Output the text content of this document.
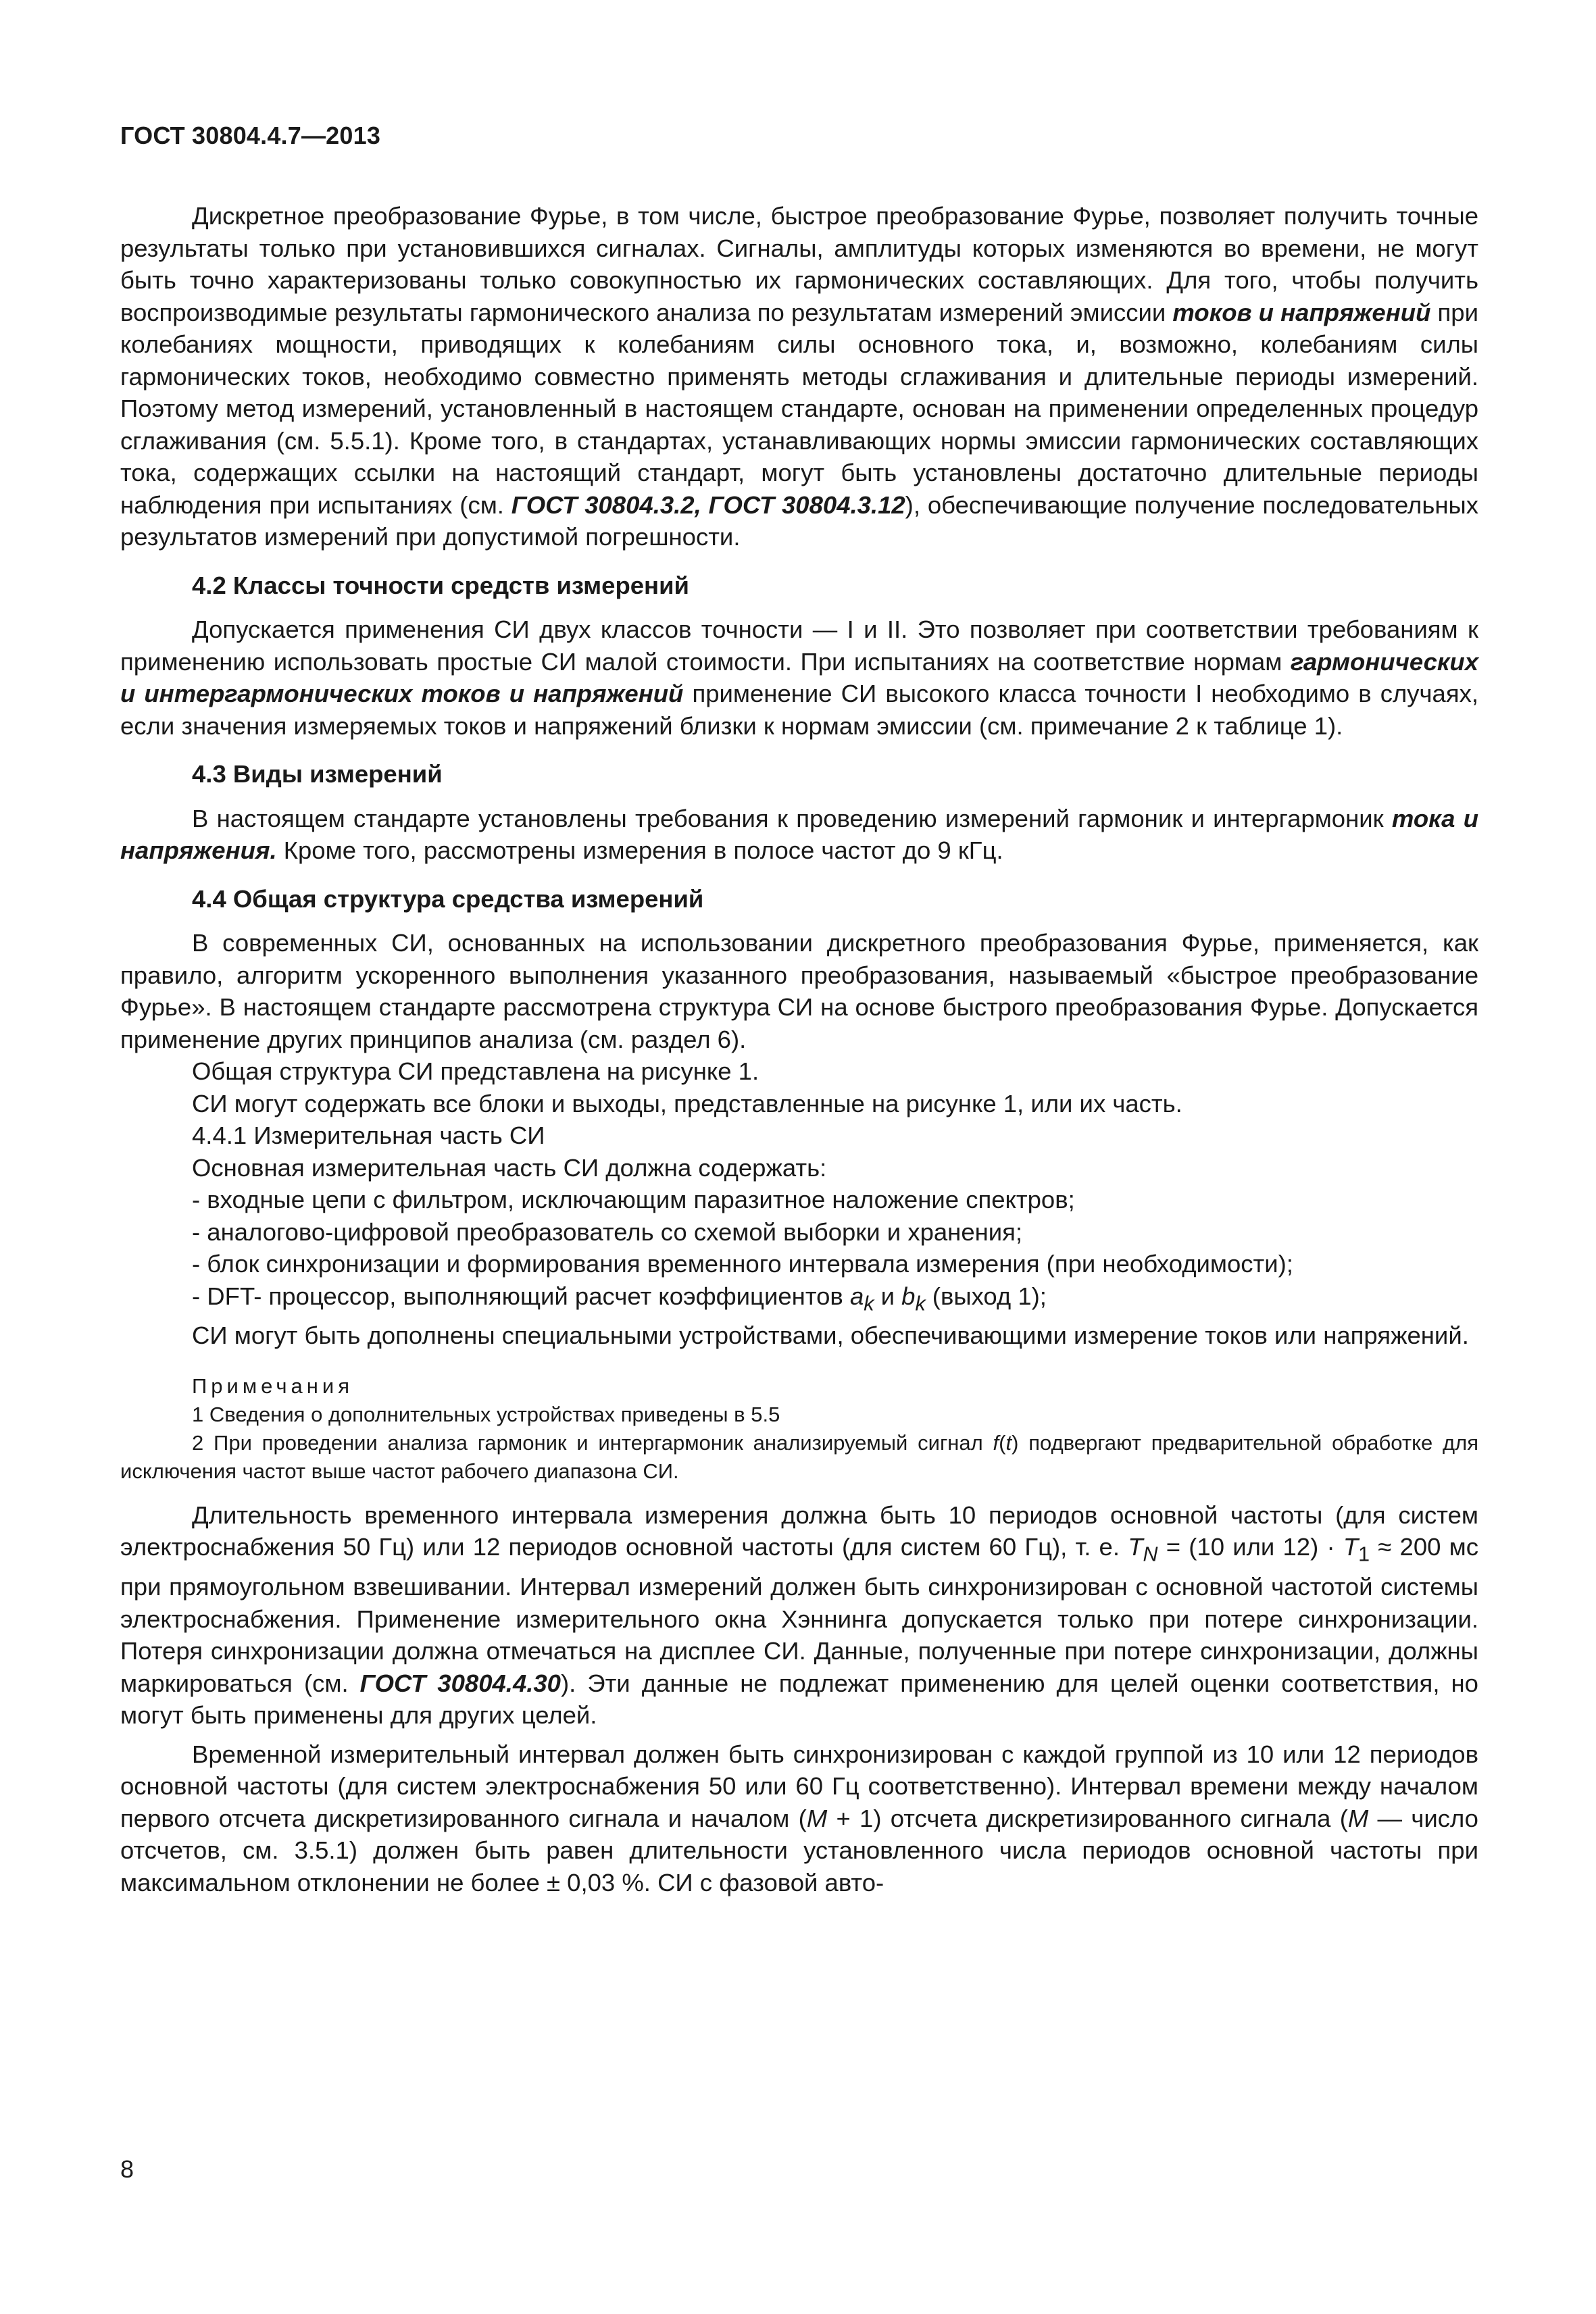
ГОСТ 30804.4.7—2013

Дискретное преобразование Фурье, в том числе, быстрое преобразование Фурье, позволяет получить точные результаты только при установившихся сигналах. Сигналы, амплитуды которых изменяются во времени, не могут быть точно характеризованы только совокупностью их гармонических составляющих. Для того, чтобы получить воспроизводимые результаты гармонического анализа по результатам измерений эмиссии токов и напряжений при колебаниях мощности, приводящих к колебаниям силы основного тока, и, возможно, колебаниям силы гармонических токов, необходимо совместно применять методы сглаживания и длительные периоды измерений. Поэтому метод измерений, установленный в настоящем стандарте, основан на применении определенных процедур сглаживания (см. 5.5.1). Кроме того, в стандартах, устанавливающих нормы эмиссии гармонических составляющих тока, содержащих ссылки на настоящий стандарт, могут быть установлены достаточно длительные периоды наблюдения при испытаниях (см. ГОСТ 30804.3.2, ГОСТ 30804.3.12), обеспечивающие получение последовательных результатов измерений при допустимой погрешности.

4.2 Классы точности средств измерений

Допускается применения СИ двух классов точности — I и II. Это позволяет при соответствии требованиям к применению использовать простые СИ малой стоимости. При испытаниях на соответствие нормам гармонических и интергармонических токов и напряжений применение СИ высокого класса точности I необходимо в случаях, если значения измеряемых токов и напряжений близки к нормам эмиссии (см. примечание 2 к таблице 1).

4.3 Виды измерений

В настоящем стандарте установлены требования к проведению измерений гармоник и интергармоник тока и напряжения. Кроме того, рассмотрены измерения в полосе частот до 9 кГц.

4.4 Общая структура средства измерений

В современных СИ, основанных на использовании дискретного преобразования Фурье, применяется, как правило, алгоритм ускоренного выполнения указанного преобразования, называемый «быстрое преобразование Фурье». В настоящем стандарте рассмотрена структура СИ на основе быстрого преобразования Фурье. Допускается применение других принципов анализа (см. раздел 6).

Общая структура СИ представлена на рисунке 1.

СИ могут содержать все блоки и выходы, представленные на рисунке 1, или их часть.

4.4.1 Измерительная часть СИ

Основная измерительная часть СИ должна содержать:

- входные цепи с фильтром, исключающим паразитное наложение спектров;

- аналогово-цифровой преобразователь со схемой выборки и хранения;

- блок синхронизации и формирования временного интервала измерения (при необходимости);

- DFT- процессор, выполняющий расчет коэффициентов $a_k$ и $b_k$ (выход 1);

СИ могут быть дополнены специальными устройствами, обеспечивающими измерение токов или напряжений.

Примечания

1 Сведения о дополнительных устройствах приведены в 5.5

2 При проведении анализа гармоник и интергармоник анализируемый сигнал f(t) подвергают предварительной обработке для исключения частот выше частот рабочего диапазона СИ.

Длительность временного интервала измерения должна быть 10 периодов основной частоты (для систем электроснабжения 50 Гц) или 12 периодов основной частоты (для систем 60 Гц), т. е. $T_N = (10$ или $12) \cdot T_1 \approx 200$ мс при прямоугольном взвешивании. Интервал измерений должен быть синхронизирован с основной частотой системы электроснабжения. Применение измерительного окна Хэннинга допускается только при потере синхронизации. Потеря синхронизации должна отмечаться на дисплее СИ. Данные, полученные при потере синхронизации, должны маркироваться (см. ГОСТ 30804.4.30). Эти данные не подлежат применению для целей оценки соответствия, но могут быть применены для других целей.

Временной измерительный интервал должен быть синхронизирован с каждой группой из 10 или 12 периодов основной частоты (для систем электроснабжения 50 или 60 Гц соответственно). Интервал времени между началом первого отсчета дискретизированного сигнала и началом (M + 1) отсчета дискретизированного сигнала (M — число отсчетов, см. 3.5.1) должен быть равен длительности установленного числа периодов основной частоты при максимальном отклонении не более ± 0,03 %. СИ с фазовой авто-

8
